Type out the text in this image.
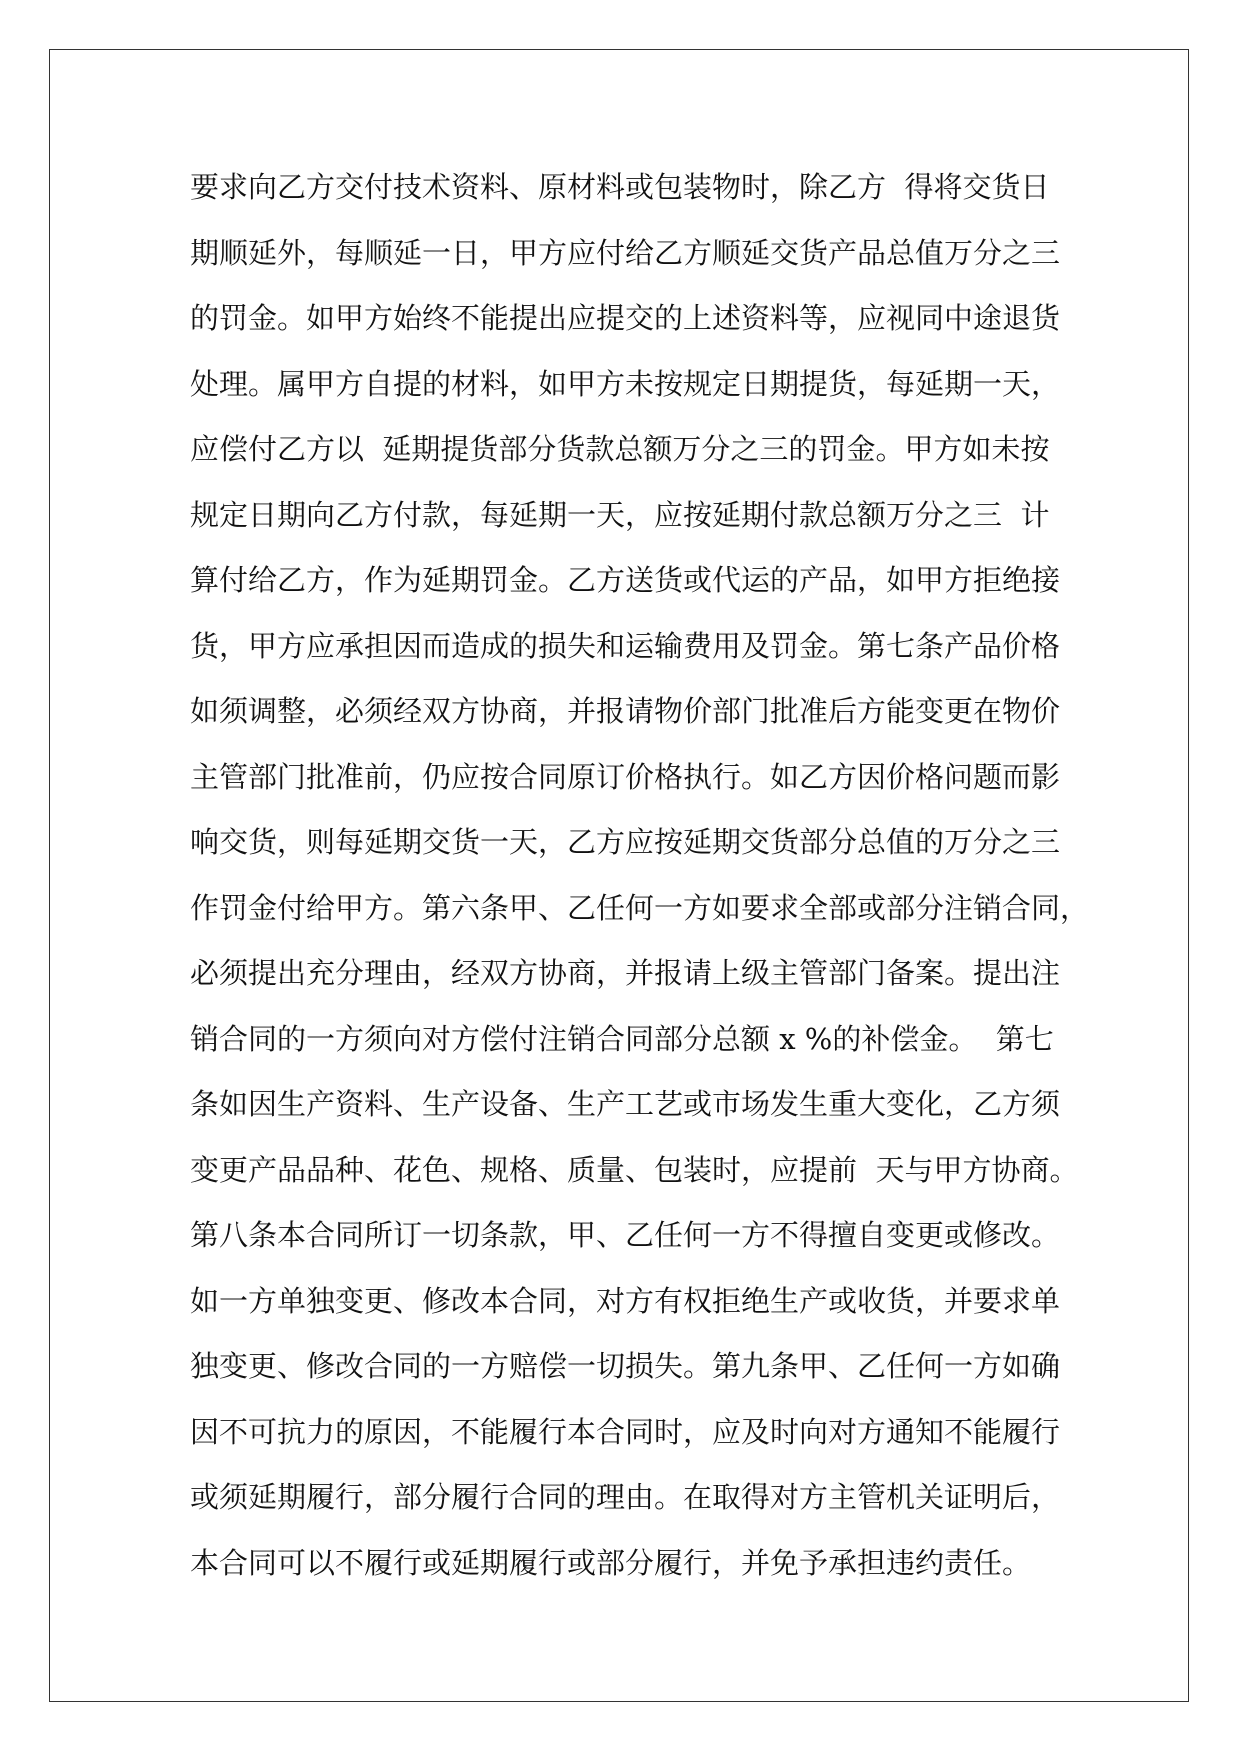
要求向乙方交付技术资料、原材料或包装物时，除乙方  得将交货日
期顺延外，每顺延一日，甲方应付给乙方顺延交货产品总值万分之三
的罚金。如甲方始终不能提出应提交的上述资料等，应视同中途退货
处理。属甲方自提的材料，如甲方未按规定日期提货，每延期一天，
应偿付乙方以  延期提货部分货款总额万分之三的罚金。甲方如未按
规定日期向乙方付款，每延期一天，应按延期付款总额万分之三  计
算付给乙方，作为延期罚金。乙方送货或代运的产品，如甲方拒绝接
货，甲方应承担因而造成的损失和运输费用及罚金。第七条产品价格
如须调整，必须经双方协商，并报请物价部门批准后方能变更在物价
主管部门批准前，仍应按合同原订价格执行。如乙方因价格问题而影
响交货，则每延期交货一天，乙方应按延期交货部分总值的万分之三
作罚金付给甲方。第六条甲、乙任何一方如要求全部或部分注销合同，
必须提出充分理由，经双方协商，并报请上级主管部门备案。提出注
销合同的一方须向对方偿付注销合同部分总额 x %的补偿金。  第七
条如因生产资料、生产设备、生产工艺或市场发生重大变化，乙方须
变更产品品种、花色、规格、质量、包装时，应提前  天与甲方协商。
第八条本合同所订一切条款，甲、乙任何一方不得擅自变更或修改。
如一方单独变更、修改本合同，对方有权拒绝生产或收货，并要求单
独变更、修改合同的一方赔偿一切损失。第九条甲、乙任何一方如确
因不可抗力的原因，不能履行本合同时，应及时向对方通知不能履行
或须延期履行，部分履行合同的理由。在取得对方主管机关证明后，
本合同可以不履行或延期履行或部分履行，并免予承担违约责任。
